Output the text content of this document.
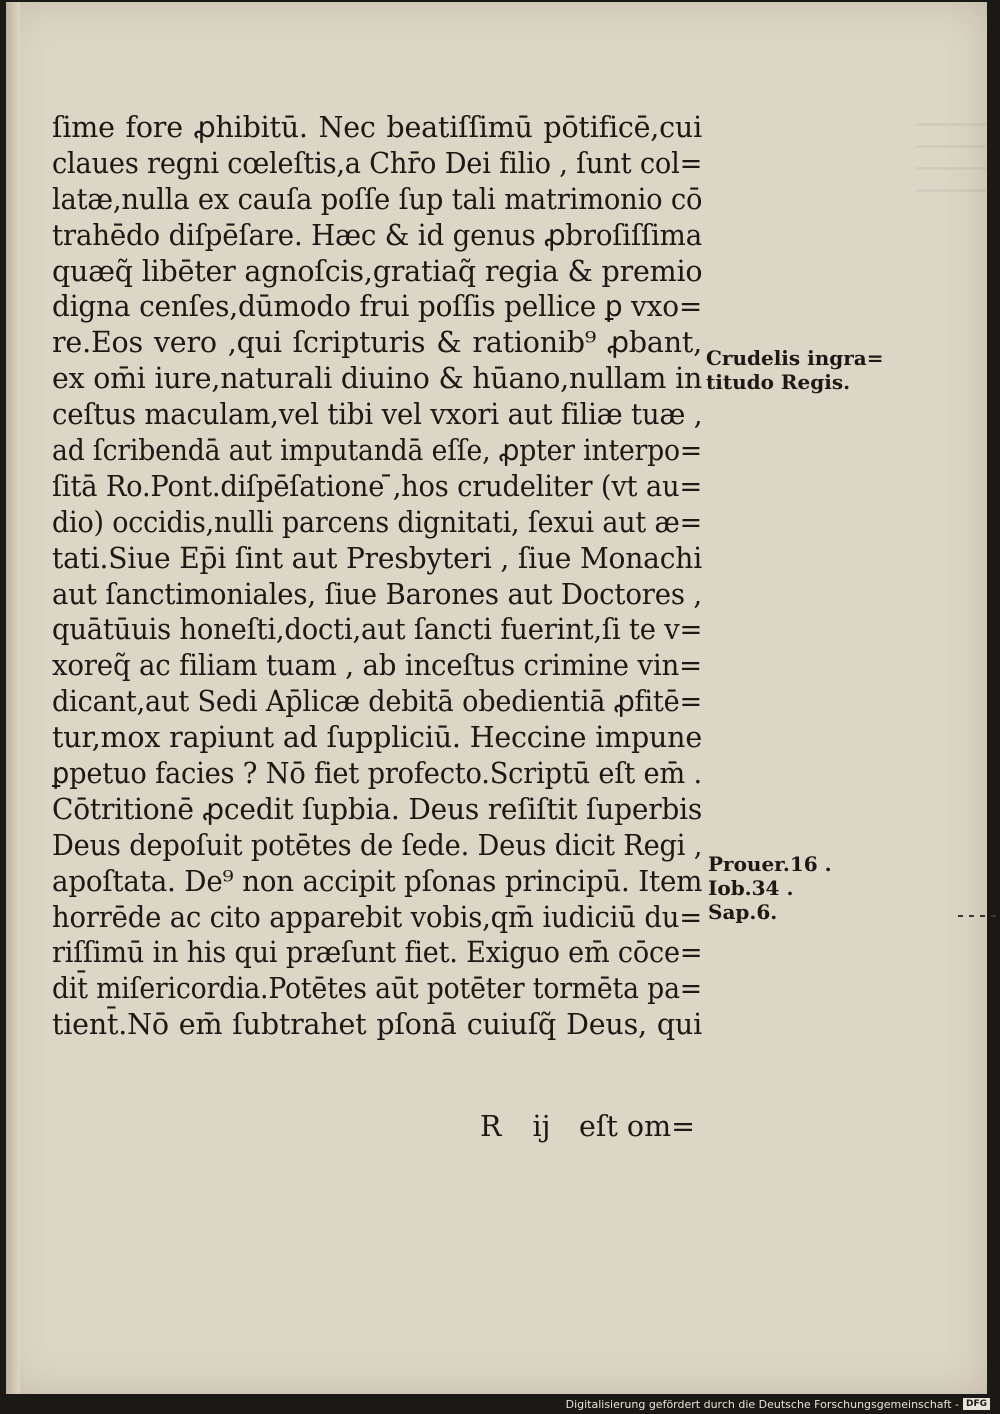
ſime fore ꝓhibitū. Nec beatiſſimū pōtificē,cui
claues regni cœleſtis,a Chr̄o Dei filio , ſunt col=
latæ,nulla ex cauſa poſſe ſup tali matrimonio cō
trahēdo diſpēſare. Hæc & id genus ꝓbroſiſſima
quæq̃ libēter agnoſcis,gratiaq̃ regia & premio
digna cenſes,dūmodo frui poſſis pellice ꝑ vxo=
re.Eos vero ,qui ſcripturis & rationib⁹ ꝓbant,
ex om̄i iure,naturali diuino & hūano,nullam in
ceſtus maculam,vel tibi vel vxori aut filiæ tuæ ,
ad ſcribendā aut imputandā eſſe, ꝓpter interpo=
ſitā Ro.Pont.diſpēſatione ̄,hos crudeliter (vt au=
dio) occidis,nulli parcens dignitati, ſexui aut æ=
tati.Siue Ep̄i ſint aut Presbyteri , ſiue Monachi
aut ſanctimoniales, ſiue Barones aut Doctores ,
quātūuis honeſti,docti,aut ſancti fuerint,ſi te v=
xoreq̃ ac filiam tuam , ab inceſtus crimine vin=
dicant,aut Sedi Ap̄licæ debitā obedientiā ꝓfitē=
tur,mox rapiunt ad ſuppliciū. Heccine impune
ꝑpetuo facies ? Nō fiet profecto.Scriptū eſt em̄ .
Cōtritionē ꝓcedit ſupbia. Deus reſiſtit ſuperbis
Deus depoſuit potētes de ſede. Deus dicit Regi ,
apoſtata. De⁹ non accipit pſonas principū. Item
horrēde ac cito apparebit vobis,qm̄ iudiciū du=
riſſimū in his qui præſunt fiet. Exiguo em̄ cōce=
dit̄ miſericordia.Potētes aūt potēter tormēta pa=
tient̄.Nō em̄ ſubtrahet pſonā cuiuſq̃ Deus, qui
R ij eſt om=
Crudelis ingra=
titudo Regis.
Prouer.16 .
Iob.34 .
Sap.6.
Digitalisierung gefördert durch die Deutsche Forschungsgemeinschaft - DFG
